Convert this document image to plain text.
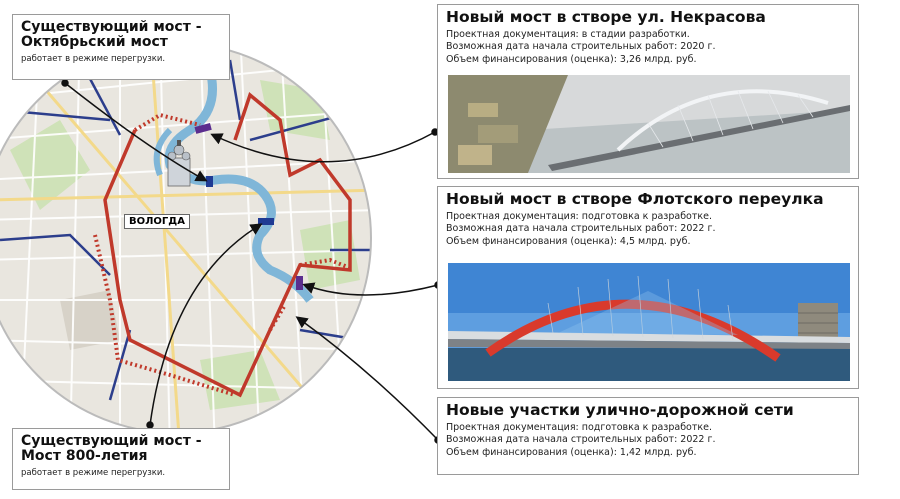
ВОЛОГДА
Существующий мост -
Октябрьский мост

работает в режиме перегрузки.

Существующий мост -
Мост 800-летия

работает в режиме перегрузки.

Новый мост в створе ул. Некрасова

Проектная документация: в стадии разработки.

Возможная дата начала строительных работ: 2020 г.

Объем финансирования (оценка): 3,26 млрд. руб.

Новый мост в створе Флотского переулка

Проектная документация: подготовка к разработке.

Возможная дата начала строительных работ: 2022 г.

Объем финансирования (оценка): 4,5 млрд. руб.

Новые участки улично-дорожной сети

Проектная документация: подготовка к разработке.

Возможная дата начала строительных работ: 2022 г.

Объем финансирования (оценка): 1,42 млрд. руб.
